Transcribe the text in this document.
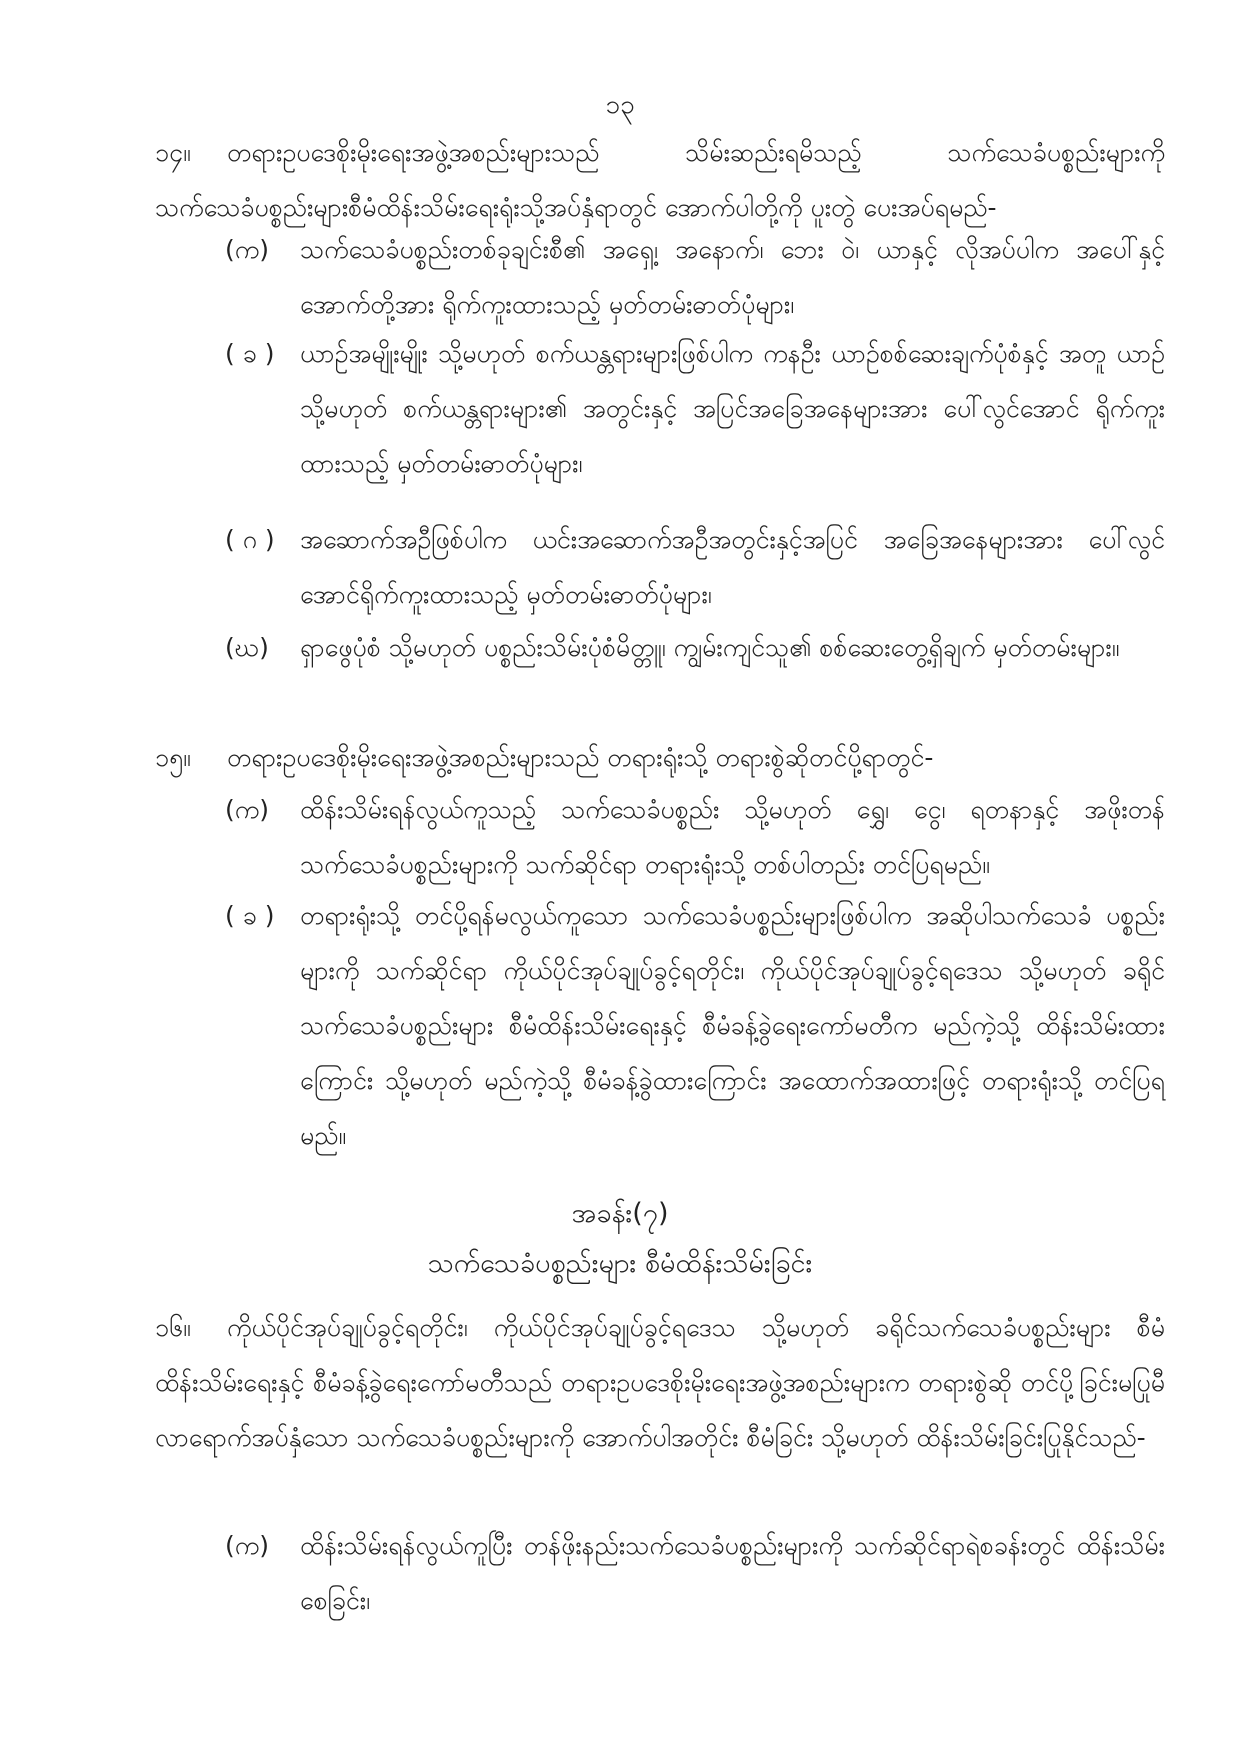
၁၃
၁၄။ တရားဥပဒေစိုးမိုးရေးအဖွဲ့အစည်းများသည် သိမ်းဆည်းရမိသည့် သက်သေခံပစ္စည်းများကို သက်သေခံပစ္စည်းများစီမံထိန်းသိမ်းရေးရုံးသို့အပ်နှံရာတွင် အောက်ပါတို့ကို ပူးတွဲ ပေးအပ်ရမည်-
(က)	သက်သေခံပစ္စည်းတစ်ခုချင်းစီ၏ အရှေ့၊ အနောက်၊ ဘေး ဝဲ၊ ယာနှင့် လိုအပ်ပါက အပေါ်နှင့် အောက်တို့အား ရိုက်ကူးထားသည့် မှတ်တမ်းဓာတ်ပုံများ၊
( ခ )	ယာဉ်အမျိုးမျိုး သို့မဟုတ် စက်ယန္တရားများဖြစ်ပါက ကနဦး ယာဉ်စစ်ဆေးချက်ပုံစံနှင့် အတူ ယာဉ် သို့မဟုတ် စက်ယန္တရားများ၏ အတွင်းနှင့် အပြင်အခြေအနေများအား ပေါ်လွင်အောင် ရိုက်ကူးထားသည့် မှတ်တမ်းဓာတ်ပုံများ၊
( ဂ )	အဆောက်အဦဖြစ်ပါက ယင်းအဆောက်အဦအတွင်းနှင့်အပြင် အခြေအနေများအား ပေါ်လွင်အောင်ရိုက်ကူးထားသည့် မှတ်တမ်းဓာတ်ပုံများ၊
(ဃ)	ရှာဖွေပုံစံ သို့မဟုတ် ပစ္စည်းသိမ်းပုံစံမိတ္တူ၊ ကျွမ်းကျင်သူ၏ စစ်ဆေးတွေ့ရှိချက် မှတ်တမ်းများ။
၁၅။ တရားဥပဒေစိုးမိုးရေးအဖွဲ့အစည်းများသည် တရားရုံးသို့ တရားစွဲဆိုတင်ပို့ရာတွင်-
(က)	ထိန်းသိမ်းရန်လွယ်ကူသည့် သက်သေခံပစ္စည်း သို့မဟုတ် ရွှေ၊ ငွေ၊ ရတနာနှင့် အဖိုးတန် သက်သေခံပစ္စည်းများကို သက်ဆိုင်ရာ တရားရုံးသို့ တစ်ပါတည်း တင်ပြရမည်။
( ခ )	တရားရုံးသို့ တင်ပို့ရန်မလွယ်ကူသော သက်သေခံပစ္စည်းများဖြစ်ပါက အဆိုပါသက်သေခံ ပစ္စည်းများကို သက်ဆိုင်ရာ ကိုယ်ပိုင်အုပ်ချုပ်ခွင့်ရတိုင်း၊ ကိုယ်ပိုင်အုပ်ချုပ်ခွင့်ရဒေသ သို့မဟုတ် ခရိုင်သက်သေခံပစ္စည်းများ စီမံထိန်းသိမ်းရေးနှင့် စီမံခန့်ခွဲရေးကော်မတီက မည်ကဲ့သို့ ထိန်းသိမ်းထားကြောင်း သို့မဟုတ် မည်ကဲ့သို့ စီမံခန့်ခွဲထားကြောင်း အထောက်အထားဖြင့် တရားရုံးသို့ တင်ပြရမည်။
အခန်း(၇)
သက်သေခံပစ္စည်းများ စီမံထိန်းသိမ်းခြင်း
၁၆။ ကိုယ်ပိုင်အုပ်ချုပ်ခွင့်ရတိုင်း၊ ကိုယ်ပိုင်အုပ်ချုပ်ခွင့်ရဒေသ သို့မဟုတ် ခရိုင်သက်သေခံပစ္စည်းများ စီမံထိန်းသိမ်းရေးနှင့် စီမံခန့်ခွဲရေးကော်မတီသည် တရားဥပဒေစိုးမိုးရေးအဖွဲ့အစည်းများက တရားစွဲဆို တင်ပို့ခြင်းမပြုမီ လာရောက်အပ်နှံသော သက်သေခံပစ္စည်းများကို အောက်ပါအတိုင်း စီမံခြင်း သို့မဟုတ် ထိန်းသိမ်းခြင်းပြုနိုင်သည်-
(က)	ထိန်းသိမ်းရန်လွယ်ကူပြီး တန်ဖိုးနည်းသက်သေခံပစ္စည်းများကို သက်ဆိုင်ရာရဲစခန်းတွင် ထိန်းသိမ်းစေခြင်း၊
